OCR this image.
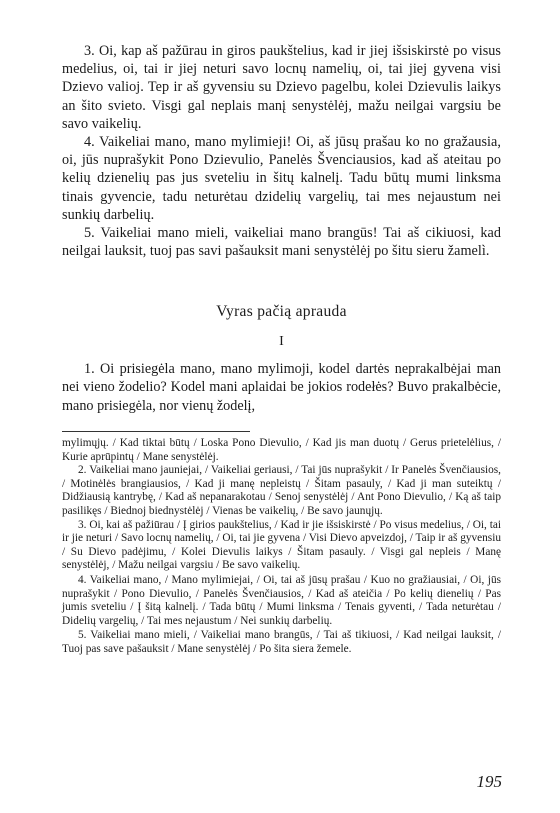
3. Oi, kap aš pažūrau in giros paukštelius, kad ir jiej išsiskirstė po visus medelius, oi, tai ir jiej neturi savo locnų namelių, oi, tai jiej gyvena visi Dzievo valioj. Tep ir aš gyvensiu su Dzievo pagelbu, kolei Dzievulis laikys an šito svieto. Visgi gal neplais manį senystėlėj, mažu neilgai vargsiu be savo vaikelių.

4. Vaikeliai mano, mano mylimieji! Oi, aš jūsų prašau ko no gražausia, oi, jūs nuprašykit Pono Dzievulio, Panelės Švenciausios, kad aš ateitau po kelių dzienelių pas jus sveteliu in šitų kalnelį. Tadu būtų mumi linksma tinais gyvencie, tadu neturėtau dzidelių vargelių, tai mes nejaustum nei sunkių darbelių.

5. Vaikeliai mano mieli, vaikeliai mano brangūs! Tai aš cikiuosi, kad neilgai lauksit, tuoj pas savi pašauksit mani senystėlėj po šitu sieru žamelì.

Vyras pačią aprauda
I

1. Oi prisiegėla mano, mano mylimoji, kodel dartės neprakalbėjai man nei vieno žodelio? Kodel mani aplaidai be jokios rodełės? Buvo prakalbėcie, mano prisiegėla, nor vienų žodelį,

mylimųjų. / Kad tiktai būtų / Loska Pono Dievulio, / Kad jis man duotų / Gerus prietelėlius, / Kurie aprūpintų / Mane senystėlėj.

2. Vaikeliai mano jauniejai, / Vaikeliai geriausi, / Tai jūs nuprašykit / Ir Panelės Švenčiausios, / Motinėlės brangiausios, / Kad ji manę nepleistų / Šitam pasauly, / Kad ji man suteiktų / Didžiausią kantrybę, / Kad aš nepanarakotau / Senoj senystėlėj / Ant Pono Dievulio, / Ką aš taip pasilikęs / Biednoj biednystėlėj / Vienas be vaikelių, / Be savo jaunųjų.

3. Oi, kai aš pažiūrau / Į girios paukštelius, / Kad ir jie išsiskirstė / Po visus medelius, / Oi, tai ir jie neturi / Savo locnų namelių, / Oi, tai jie gyvena / Visi Dievo apveizdoj, / Taip ir aš gyvensiu / Su Dievo padėjimu, / Kolei Dievulis laikys / Šitam pasauly. / Visgi gal nepleis / Manę senystėlėj, / Mažu neilgai vargsiu / Be savo vaikelių.

4. Vaikeliai mano, / Mano mylimiejai, / Oi, tai aš jūsų prašau / Kuo no gražiausiai, / Oi, jūs nuprašykit / Pono Dievulio, / Panelės Švenčiausios, / Kad aš ateičia / Po kelių dienelių / Pas jumis sveteliu / Į šitą kalnelį. / Tada būtų / Mumi linksma / Tenais gyventi, / Tada neturėtau / Didelių vargelių, / Tai mes nejaustum / Nei sunkių darbelių.

5. Vaikeliai mano mieli, / Vaikeliai mano brangūs, / Tai aš tikiuosi, / Kad neilgai lauksit, / Tuoj pas save pašauksit / Mane senystėlėj / Po šita siera žemele.

195
